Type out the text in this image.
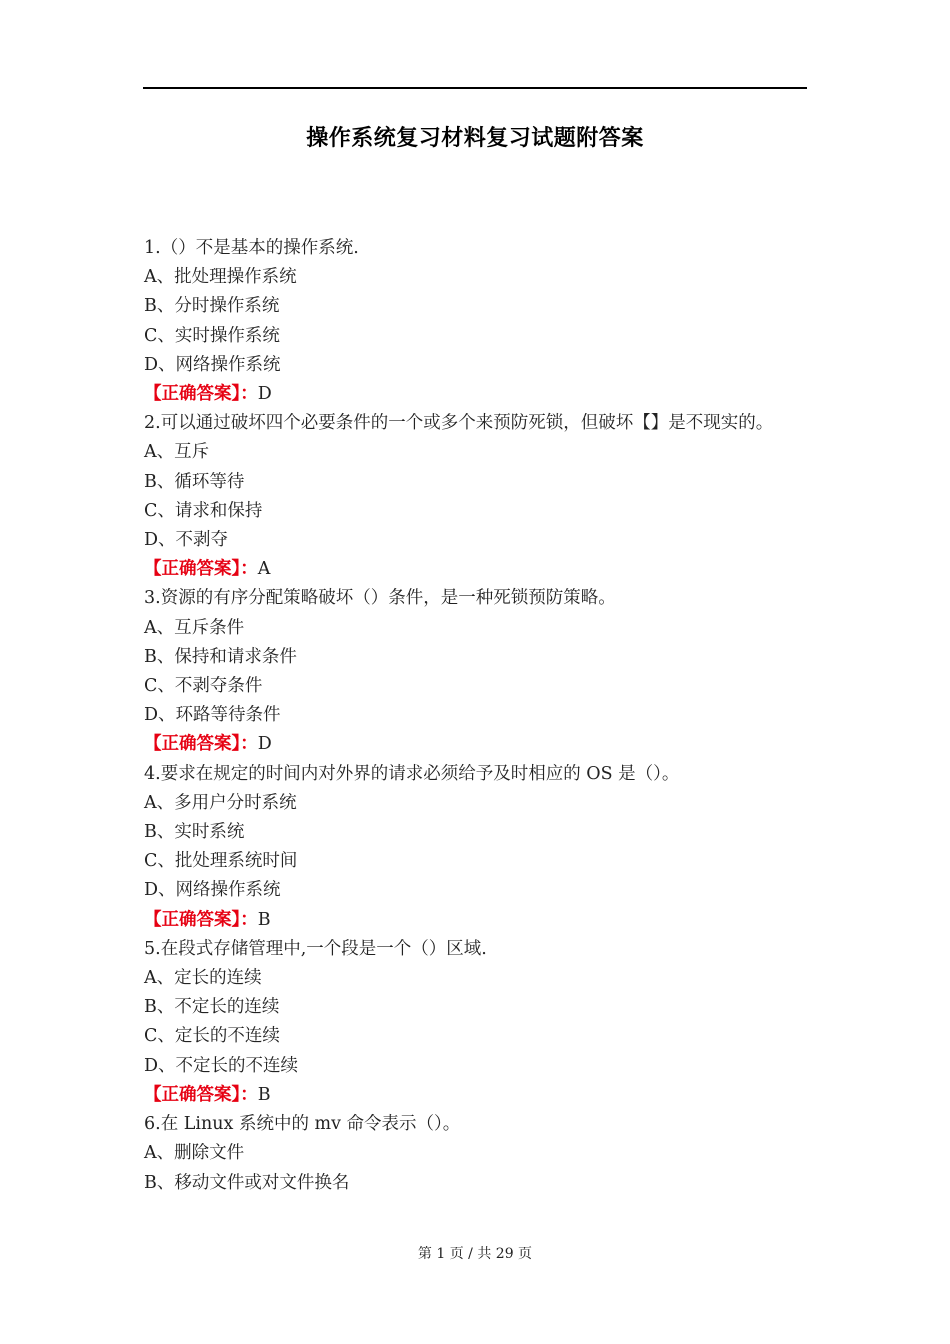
操作系统复习材料复习试题附答案
1.（）不是基本的操作系统.
A、批处理操作系统
B、分时操作系统
C、实时操作系统
D、网络操作系统
【正确答案】：D
2.可以通过破坏四个必要条件的一个或多个来预防死锁，但破坏【】是不现实的。
A、互斥
B、循环等待
C、请求和保持
D、不剥夺
【正确答案】：A
3.资源的有序分配策略破坏（）条件，是一种死锁预防策略。
A、互斥条件
B、保持和请求条件
C、不剥夺条件
D、环路等待条件
【正确答案】：D
4.要求在规定的时间内对外界的请求必须给予及时相应的 OS 是（）。
A、多用户分时系统
B、实时系统
C、批处理系统时间
D、网络操作系统
【正确答案】：B
5.在段式存储管理中,一个段是一个（）区域.
A、定长的连续
B、不定长的连续
C、定长的不连续
D、不定长的不连续
【正确答案】：B
6.在 Linux 系统中的 mv 命令表示（）。
A、删除文件
B、移动文件或对文件换名
第 1 页 / 共 29 页
